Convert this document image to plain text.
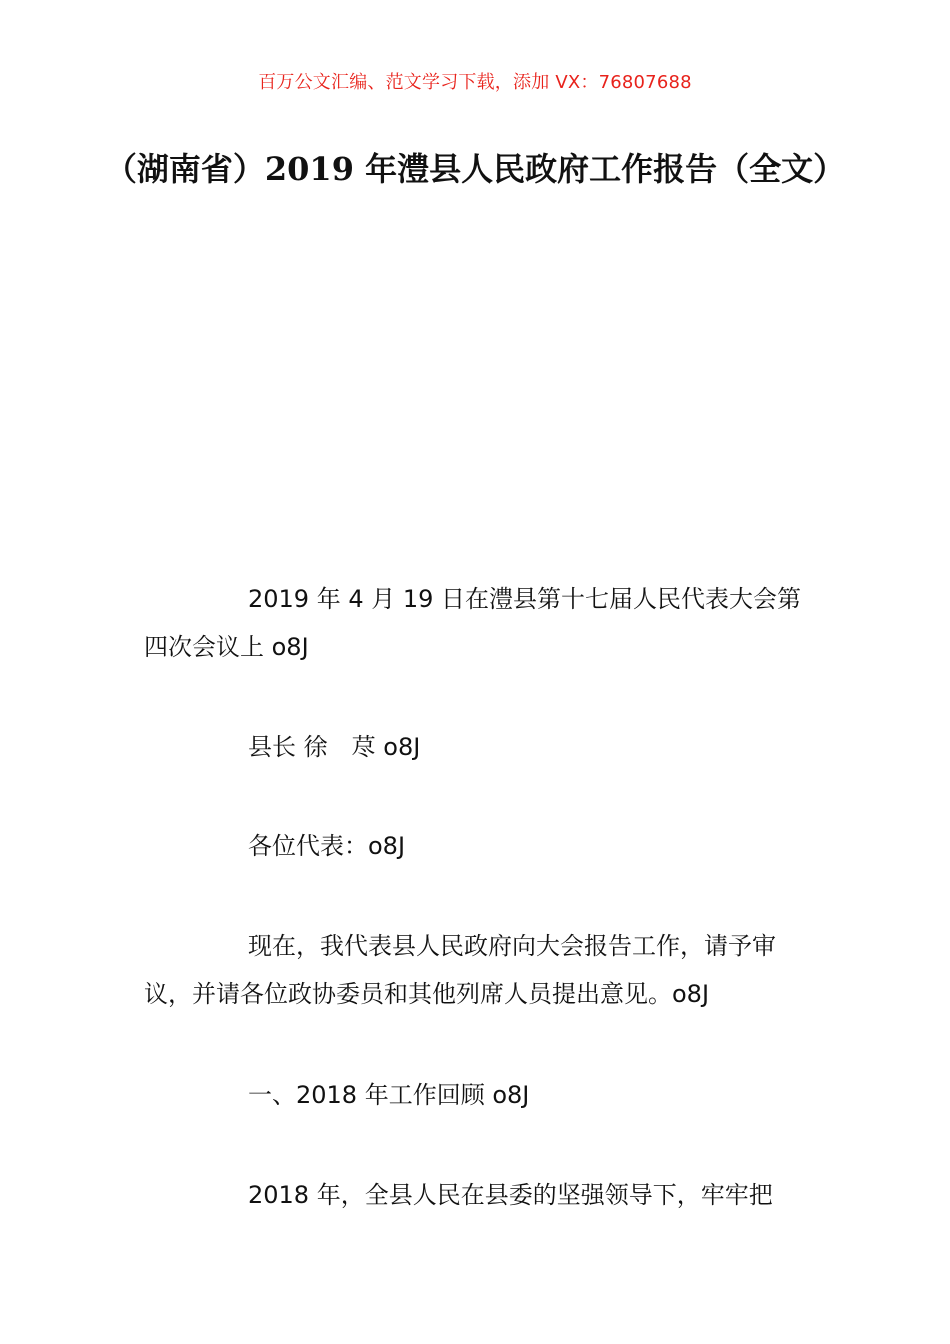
百万公文汇编、范文学习下载，添加 VX：76807688
（湖南省）2019 年澧县人民政府工作报告（全文）

2019 年 4 月 19 日在澧县第十七届人民代表大会第四次会议上 o8J

县长 徐　荩 o8J

各位代表：o8J

现在，我代表县人民政府向大会报告工作，请予审议，并请各位政协委员和其他列席人员提出意见。o8J

一、2018 年工作回顾 o8J

2018 年，全县人民在县委的坚强领导下，牢牢把
